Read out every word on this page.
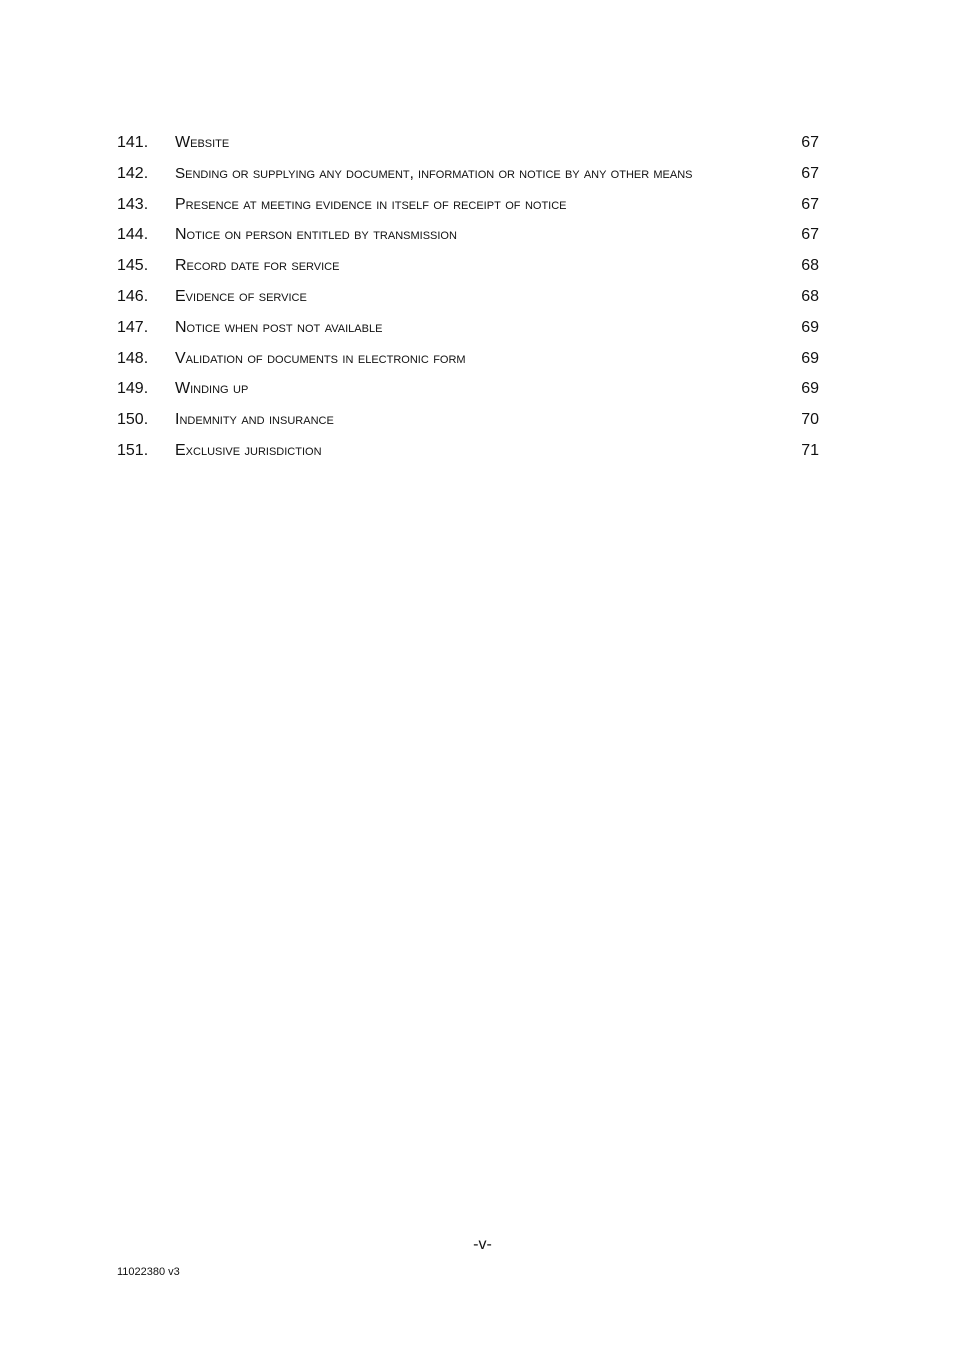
141. Website	67
142. Sending or supplying any document, information or notice by any other means	67
143. Presence at meeting evidence in itself of receipt of notice	67
144. Notice on person entitled by transmission	67
145. Record date for service	68
146. Evidence of service	68
147. Notice when post not available	69
148. Validation of documents in electronic form	69
149. Winding up	69
150. Indemnity and insurance	70
151. Exclusive jurisdiction	71
-v-
11022380 v3
